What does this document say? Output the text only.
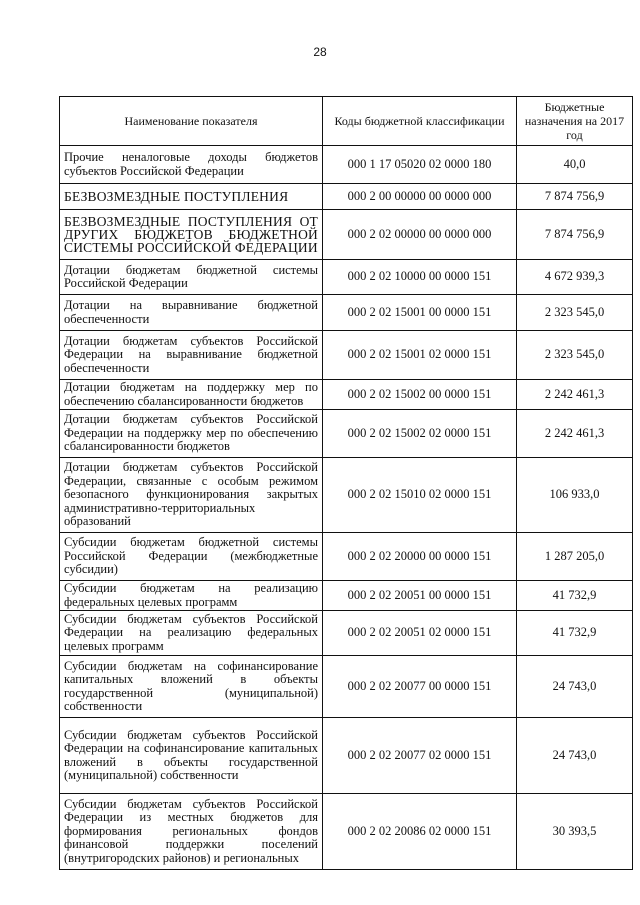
28
Наименование показателя	Коды бюджетной классификации	Бюджетные назначения на 2017 год
Прочие неналоговые доходы бюджетов субъектов Российской Федерации	000 1 17 05020 02 0000 180	40,0
БЕЗВОЗМЕЗДНЫЕ ПОСТУПЛЕНИЯ	000 2 00 00000 00 0000 000	7 874 756,9
БЕЗВОЗМЕЗДНЫЕ ПОСТУПЛЕНИЯ ОТ ДРУГИХ БЮДЖЕТОВ БЮДЖЕТНОЙ СИСТЕМЫ РОССИЙСКОЙ ФЕДЕРАЦИИ	000 2 02 00000 00 0000 000	7 874 756,9
Дотации бюджетам бюджетной системы Российской Федерации	000 2 02 10000 00 0000 151	4 672 939,3
Дотации на выравнивание бюджетной обеспеченности	000 2 02 15001 00 0000 151	2 323 545,0
Дотации бюджетам субъектов Российской Федерации на выравнивание бюджетной обеспеченности	000 2 02 15001 02 0000 151	2 323 545,0
Дотации бюджетам на поддержку мер по обеспечению сбалансированности бюджетов	000 2 02 15002 00 0000 151	2 242 461,3
Дотации бюджетам субъектов Российской Федерации на поддержку мер по обеспечению сбалансированности бюджетов	000 2 02 15002 02 0000 151	2 242 461,3
Дотации бюджетам субъектов Российской Федерации, связанные с особым режимом безопасного функционирования закрытых административно-территориальных образований	000 2 02 15010 02 0000 151	106 933,0
Субсидии бюджетам бюджетной системы Российской Федерации (межбюджетные субсидии)	000 2 02 20000 00 0000 151	1 287 205,0
Субсидии бюджетам на реализацию федеральных целевых программ	000 2 02 20051 00 0000 151	41 732,9
Субсидии бюджетам субъектов Российской Федерации на реализацию федеральных целевых программ	000 2 02 20051 02 0000 151	41 732,9
Субсидии бюджетам на софинансирование капитальных вложений в объекты государственной (муниципальной) собственности	000 2 02 20077 00 0000 151	24 743,0
Субсидии бюджетам субъектов Российской Федерации на софинансирование капитальных вложений в объекты государственной (муниципальной) собственности	000 2 02 20077 02 0000 151	24 743,0
Субсидии бюджетам субъектов Российской Федерации из местных бюджетов для формирования региональных фондов финансовой поддержки поселений (внутригородских районов) и региональных	000 2 02 20086 02 0000 151	30 393,5
